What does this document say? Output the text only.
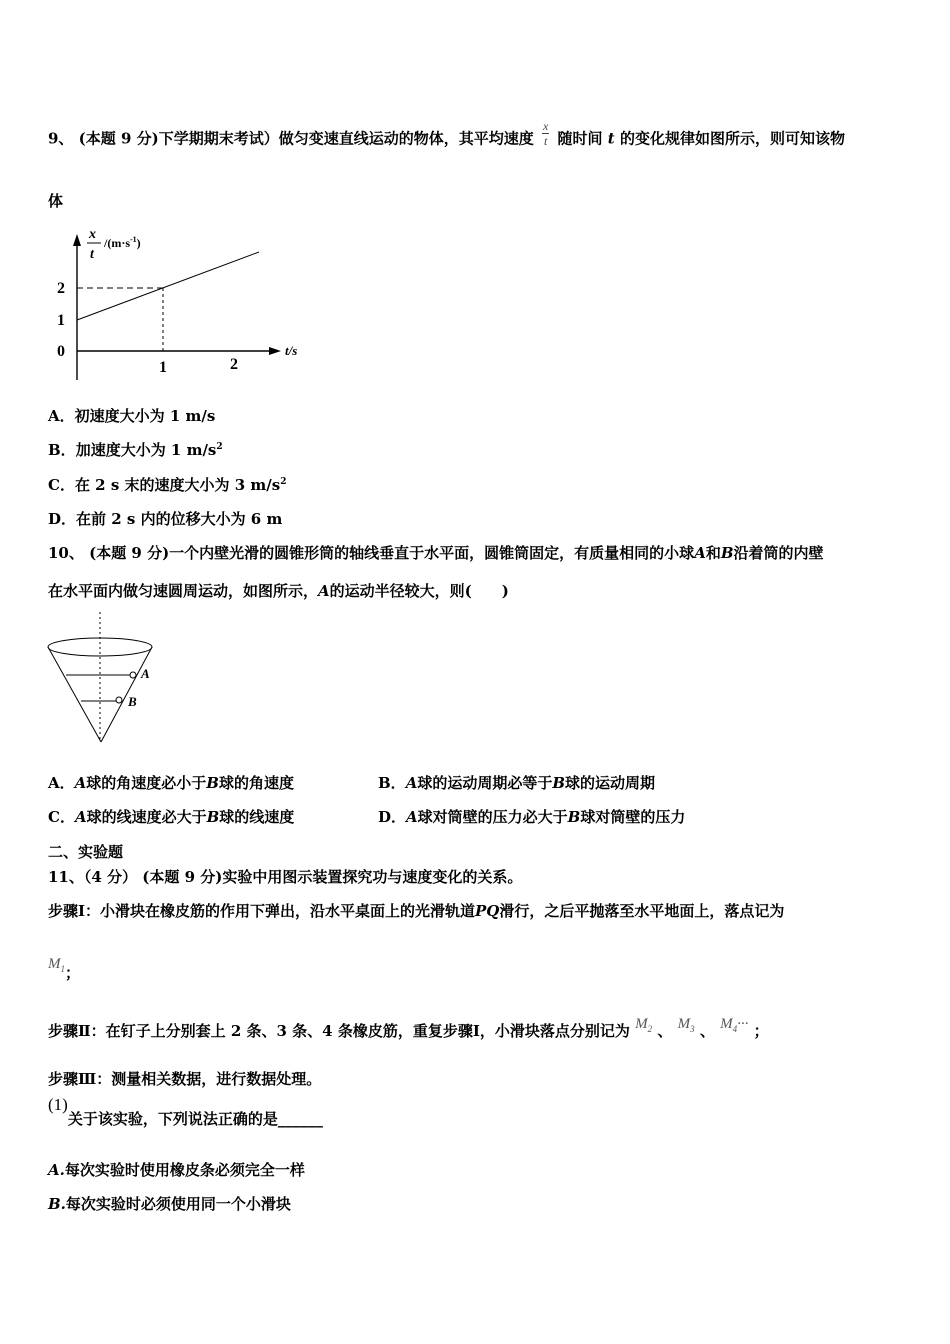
9、 (本题 9 分)下学期期末考试）做匀变速直线运动的物体，其平均速度 $\frac{x}{t}$ 随时间 t 的变化规律如图所示，则可知该物
体
x
t
$/(m\cdot s^{-1})$
2
1
0
1	2
t/s
A．初速度大小为 1 m/s
B．加速度大小为 1 $m/s^2$
C．在 2 s 末的速度大小为 3 $m/s^2$
D．在前 2 s 内的位移大小为 6 m
10、 (本题 9 分)一个内壁光滑的圆锥形筒的轴线垂直于水平面，圆锥筒固定，有质量相同的小球A和B沿着筒的内壁
在水平面内做匀速圆周运动，如图所示，A的运动半径较大，则(　　)
A
B
A．A球的角速度必小于B球的角速度	B．A球的运动周期必等于B球的运动周期
C．A球的线速度必大于B球的线速度	D．A球对筒壁的压力必大于B球对筒壁的压力
二、实验题
11、（4 分） (本题 9 分)实验中用图示装置探究功与速度变化的关系。
步骤Ⅰ：小滑块在橡皮筋的作用下弹出，沿水平桌面上的光滑轨道PQ滑行，之后平抛落至水平地面上，落点记为
$M_1$；
步骤Ⅱ：在钉子上分别套上 2 条、3 条、4 条橡皮筋，重复步骤Ⅰ，小滑块落点分别记为 $M_2$ 、 $M_3$ 、 $M_4\cdot\cdot\cdot$ ；
步骤Ⅲ：测量相关数据，进行数据处理。
(1)关于该实验，下列说法正确的是______
A.每次实验时使用橡皮条必须完全一样
B.每次实验时必须使用同一个小滑块
